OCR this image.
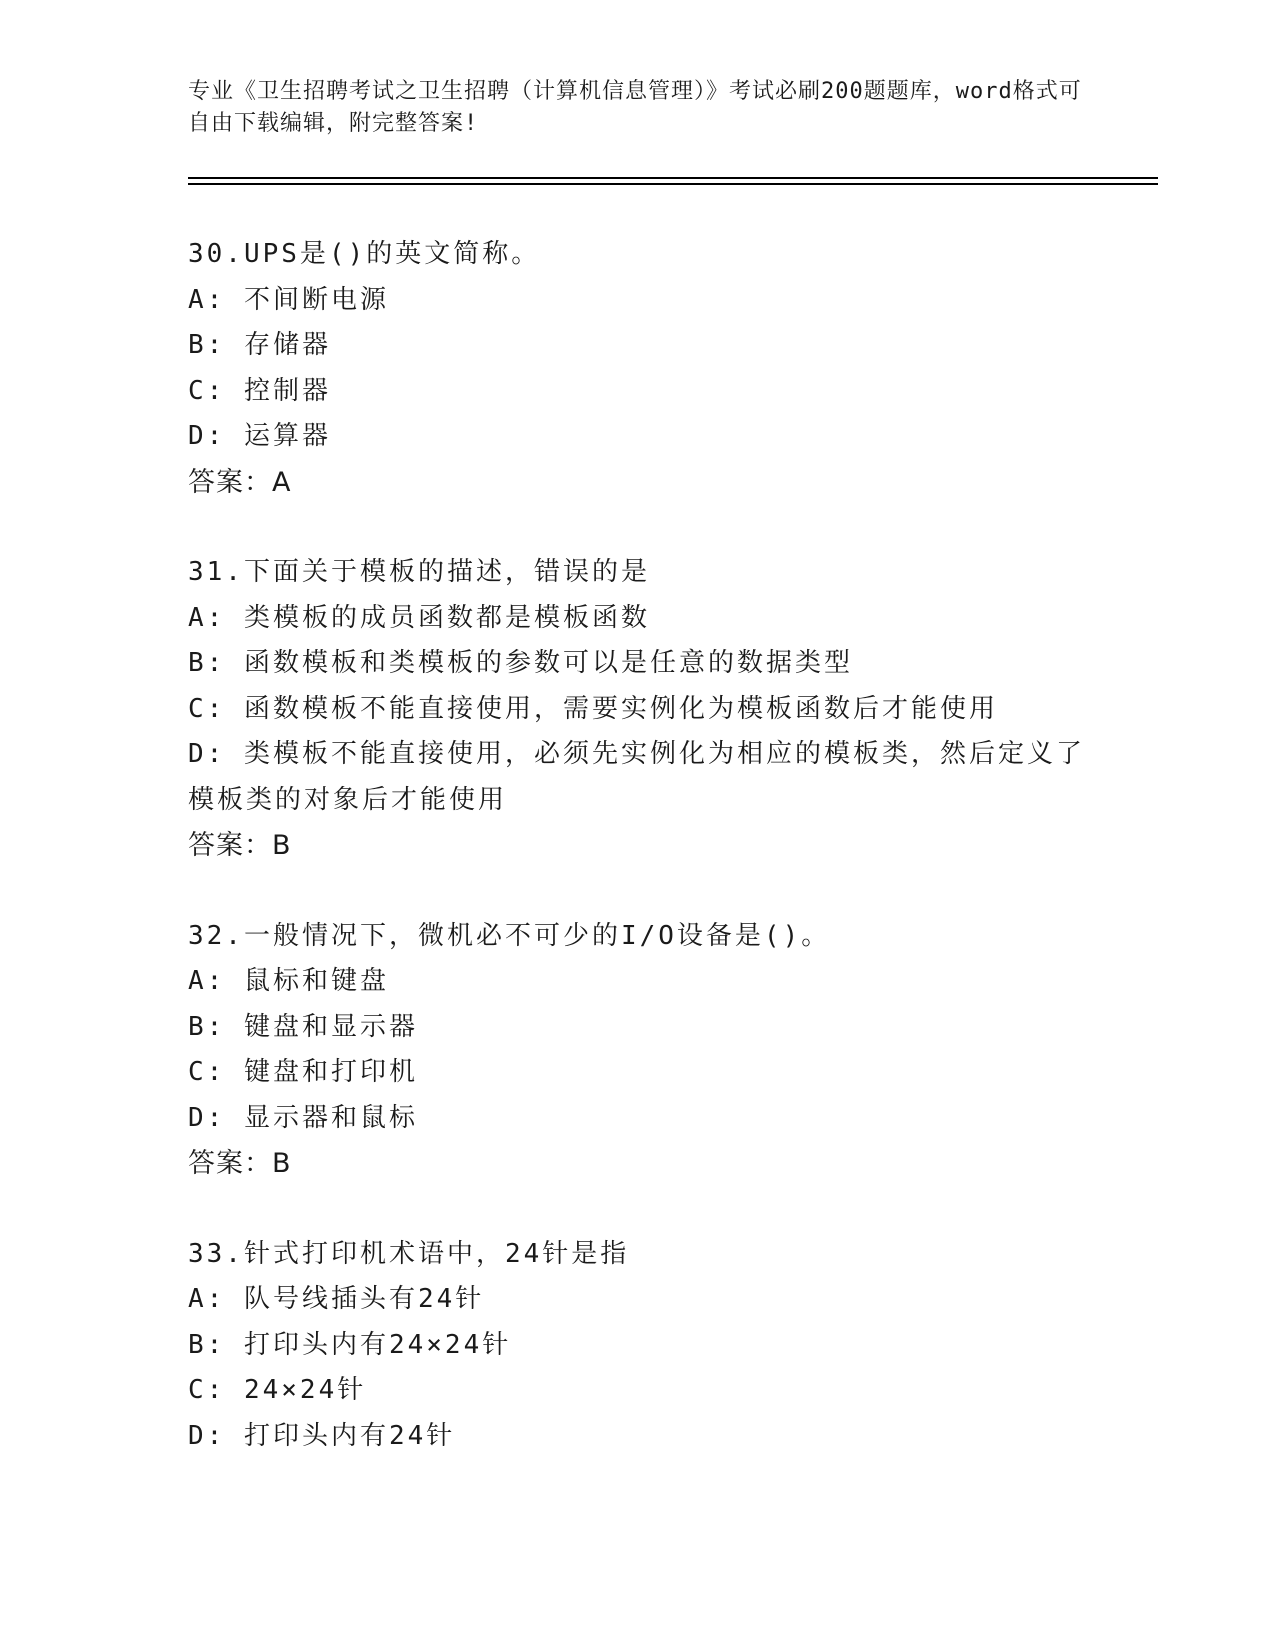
专业《卫生招聘考试之卫生招聘（计算机信息管理）》考试必刷200题题库，word格式可自由下载编辑，附完整答案!
30.UPS是()的英文简称。
A: 不间断电源
B: 存储器
C: 控制器
D: 运算器
答案：A
31.下面关于模板的描述，错误的是
A: 类模板的成员函数都是模板函数
B: 函数模板和类模板的参数可以是任意的数据类型
C: 函数模板不能直接使用，需要实例化为模板函数后才能使用
D: 类模板不能直接使用，必须先实例化为相应的模板类，然后定义了模板类的对象后才能使用
答案：B
32.一般情况下，微机必不可少的I/O设备是()。
A: 鼠标和键盘
B: 键盘和显示器
C: 键盘和打印机
D: 显示器和鼠标
答案：B
33.针式打印机术语中，24针是指
A: 队号线插头有24针
B: 打印头内有24×24针
C: 24×24针
D: 打印头内有24针
